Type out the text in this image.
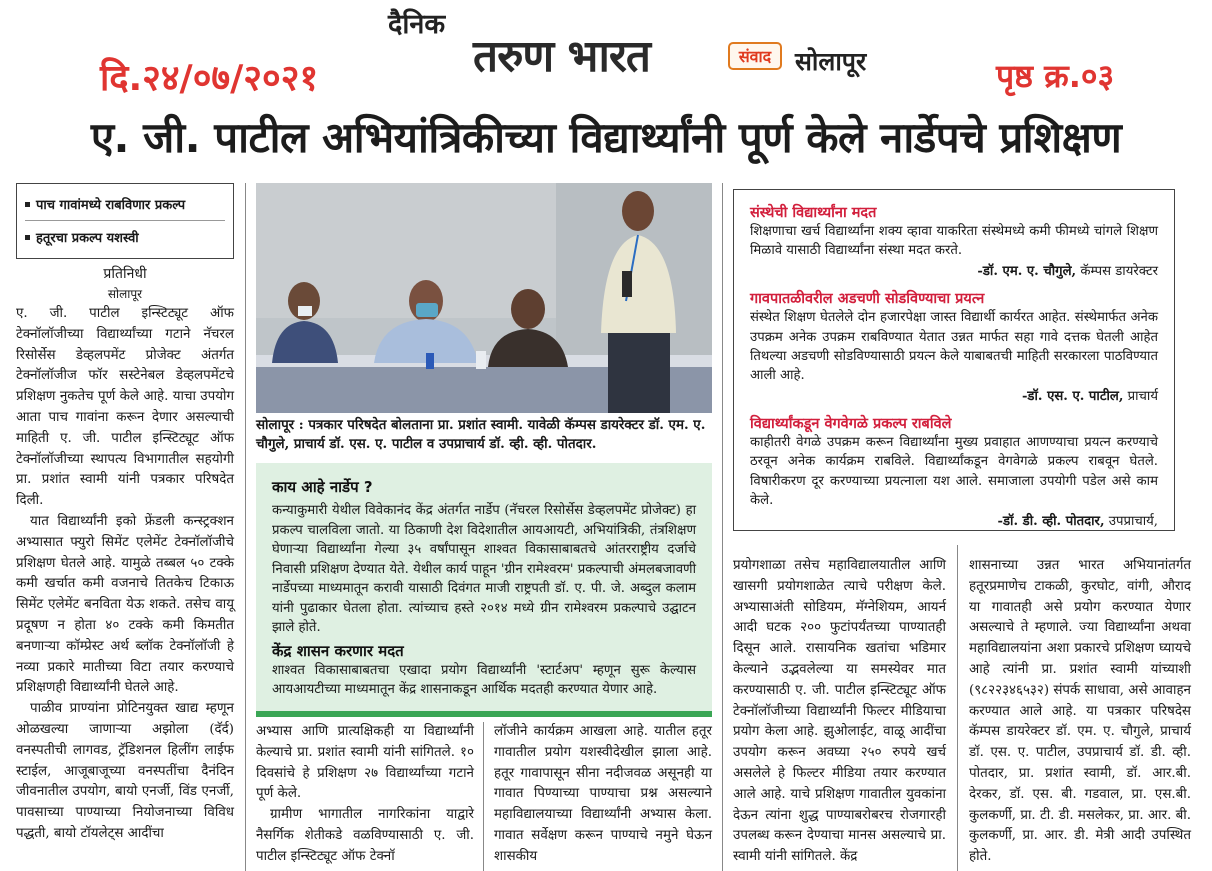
दैनिक
तरुण भारत	संवाद सोलापूर
दि.२४/०७/२०२१	पृष्ठ क्र.०३
ए. जी. पाटील अभियांत्रिकीच्या विद्यार्थ्यांनी पूर्ण केले नार्डेपचे प्रशिक्षण
पाच गावांमध्ये राबविणार प्रकल्प
हतूरचा प्रकल्प यशस्वी
प्रतिनिधी
सोलापूर

ए. जी. पाटील इन्स्टिट्यूट ऑफ टेक्नॉलॉजीच्या विद्यार्थ्यांच्या गटाने नॅचरल रिसोर्सेस डेव्हलपमेंट प्रोजेक्ट अंतर्गत टेक्नॉलॉजीज फॉर सस्टेनेबल डेव्हलपमेंटचे प्रशिक्षण नुकतेच पूर्ण केले आहे. याचा उपयोग आता पाच गावांना करून देणार असल्याची माहिती ए. जी. पाटील इन्स्टिट्यूट ऑफ टेक्नॉलॉजीच्या स्थापत्य विभागातील सहयोगी प्रा. प्रशांत स्वामी यांनी पत्रकार परिषदेत दिली.

यात विद्यार्थ्यांनी इको फ्रेंडली कन्स्ट्रक्शन अभ्यासात फ्युरो सिमेंट एलेमेंट टेक्नॉलॉजीचे प्रशिक्षण घेतले आहे. यामुळे तब्बल ५० टक्के कमी खर्चात कमी वजनाचे तितकेच टिकाऊ सिमेंट एलेमेंट बनविता येऊ शकते. तसेच वायू प्रदूषण न होता ४० टक्के कमी किमतीत बनणाऱ्या कॉम्प्रेस्ट अर्थ ब्लॉक टेक्नॉलॉजी हे नव्या प्रकारे मातीच्या विटा तयार करण्याचे प्रशिक्षणही विद्यार्थ्यांनी घेतले आहे.

पाळीव प्राण्यांना प्रोटिनयुक्त खाद्य म्हणून ओळखल्या जाणाऱ्या अझोला (दॅर्द) वनस्पतीची लागवड, ट्रॅडिशनल हिलींग लाईफ स्टाईल, आजूबाजूच्या वनस्पतींचा दैनंदिन जीवनातील उपयोग, बायो एनर्जी, विंड एनर्जी, पावसाच्या पाण्याच्या नियोजनाच्या विविध पद्धती, बायो टॉयलेट्स आदींचा

सोलापूर : पत्रकार परिषदेत बोलताना प्रा. प्रशांत स्वामी. यावेळी कॅम्पस डायरेक्टर डॉ. एम. ए. चौगुले, प्राचार्य डॉ. एस. ए. पाटील व उपप्राचार्य डॉ. व्ही. व्ही. पोतदार.
काय आहे नार्डेप ?

कन्याकुमारी येथील विवेकानंद केंद्र अंतर्गत नार्डेप (नॅचरल रिसोर्सेस डेव्हलपमेंट प्रोजेक्ट) हा प्रकल्प चालविला जातो. या ठिकाणी देश विदेशातील आयआयटी, अभियांत्रिकी, तंत्रशिक्षण घेणाऱ्या विद्यार्थ्यांना गेल्या ३५ वर्षांपासून शाश्वत विकासाबाबतचे आंतरराष्ट्रीय दर्जाचे निवासी प्रशिक्षण देण्यात येते. येथील कार्य पाहून 'ग्रीन रामेश्वरम' प्रकल्पाची अंमलबजावणी नार्डेपच्या माध्यमातून करावी यासाठी दिवंगत माजी राष्ट्रपती डॉ. ए. पी. जे. अब्दुल कलाम यांनी पुढाकार घेतला होता. त्यांच्याच हस्ते २०१४ मध्ये ग्रीन रामेश्वरम प्रकल्पाचे उद्घाटन झाले होते.

केंद्र शासन करणार मदत

शाश्वत विकासाबाबतचा एखादा प्रयोग विद्यार्थ्यांनी 'स्टार्टअप' म्हणून सुरू केल्यास आयआयटीच्या माध्यमातून केंद्र शासनाकडून आर्थिक मदतही करण्यात येणार आहे.

अभ्यास आणि प्रात्यक्षिकही या विद्यार्थ्यांनी केल्याचे प्रा. प्रशांत स्वामी यांनी सांगितले. १० दिवसांचे हे प्रशिक्षण २७ विद्यार्थ्यांच्या गटाने पूर्ण केले.

ग्रामीण भागातील नागरिकांना याद्वारे नैसर्गिक शेतीकडे वळविण्यासाठी ए. जी. पाटील इन्स्टिट्यूट ऑफ टेक्नॉ

लॉजीने कार्यक्रम आखला आहे. यातील हतूर गावातील प्रयोग यशस्वीदेखील झाला आहे. हतूर गावापासून सीना नदीजवळ असूनही या गावात पिण्याच्या पाण्याचा प्रश्न असल्याने महाविद्यालयाच्या विद्यार्थ्यांनी अभ्यास केला. गावात सर्वेक्षण करून पाण्याचे नमुने घेऊन शासकीय

संस्थेची विद्यार्थ्यांना मदत

शिक्षणाचा खर्च विद्यार्थ्यांना शक्य व्हावा याकरिता संस्थेमध्ये कमी फीमध्ये चांगले शिक्षण मिळावे यासाठी विद्यार्थ्यांना संस्था मदत करते.

-डॉ. एम. ए. चौगुले, कॅम्पस डायरेक्टर
गावपातळीवरील अडचणी सोडविण्याचा प्रयत्न

संस्थेत शिक्षण घेतलेले दोन हजारपेक्षा जास्त विद्यार्थी कार्यरत आहेत. संस्थेमार्फत अनेक उपक्रम अनेक उपक्रम राबविण्यात येतात उन्नत मार्फत सहा गावे दत्तक घेतली आहेत तिथल्या अडचणी सोडविण्यासाठी प्रयत्न केले याबाबतची माहिती सरकारला पाठविण्यात आली आहे.

-डॉ. एस. ए. पाटील, प्राचार्य
विद्यार्थ्यांकडून वेगवेगळे प्रकल्प राबविले

काहीतरी वेगळे उपक्रम करून विद्यार्थ्यांना मुख्य प्रवाहात आणण्याचा प्रयत्न करण्याचे ठरवून अनेक कार्यक्रम राबविले. विद्यार्थ्यांकडून वेगवेगळे प्रकल्प राबवून घेतले. विषारीकरण दूर करण्याच्या प्रयत्नाला यश आले. समाजाला उपयोगी पडेल असे काम केले.

-डॉ. डी. व्ही. पोतदार, उपप्राचार्य,

प्रयोगशाळा तसेच महाविद्यालयातील आणि खासगी प्रयोगशाळेत त्याचे परीक्षण केले. अभ्यासाअंती सोडियम, मॅग्नेशियम, आयर्न आदी घटक २०० फुटांपर्यंतच्या पाण्यातही दिसून आले. रासायनिक खतांचा भडिमार केल्याने उद्भवलेल्या या समस्येवर मात करण्यासाठी ए. जी. पाटील इन्स्टिट्यूट ऑफ टेक्नॉलॉजीच्या विद्यार्थ्यांनी फिल्टर मीडियाचा प्रयोग केला आहे. झुओलाईट, वाळू आदींचा उपयोग करून अवघ्या २५० रुपये खर्च असलेले हे फिल्टर मीडिया तयार करण्यात आले आहे. याचे प्रशिक्षण गावातील युवकांना देऊन त्यांना शुद्ध पाण्याबरोबरच रोजगारही उपलब्ध करून देण्याचा मानस असल्याचे प्रा. स्वामी यांनी सांगितले. केंद्र

शासनाच्या उन्नत भारत अभियानांतर्गत हतूरप्रमाणेच टाकळी, कुरघोट, वांगी, औराद या गावातही असे प्रयोग करण्यात येणार असल्याचे ते म्हणाले. ज्या विद्यार्थ्यांना अथवा महाविद्यालयांना अशा प्रकारचे प्रशिक्षण घ्यायचे आहे त्यांनी प्रा. प्रशांत स्वामी यांच्याशी (९८२२३४६५३२) संपर्क साधावा, असे आवाहन करण्यात आले आहे. या पत्रकार परिषदेस कॅम्पस डायरेक्टर डॉ. एम. ए. चौगुले, प्राचार्य डॉ. एस. ए. पाटील, उपप्राचार्य डॉ. डी. व्ही. पोतदार, प्रा. प्रशांत स्वामी, डॉ. आर.बी. देरकर, डॉ. एस. बी. गडवाल, प्रा. एस.बी. कुलकर्णी, प्रा. टी. डी. मसलेकर, प्रा. आर. बी. कुलकर्णी, प्रा. आर. डी. मेत्री आदी उपस्थित होते.
